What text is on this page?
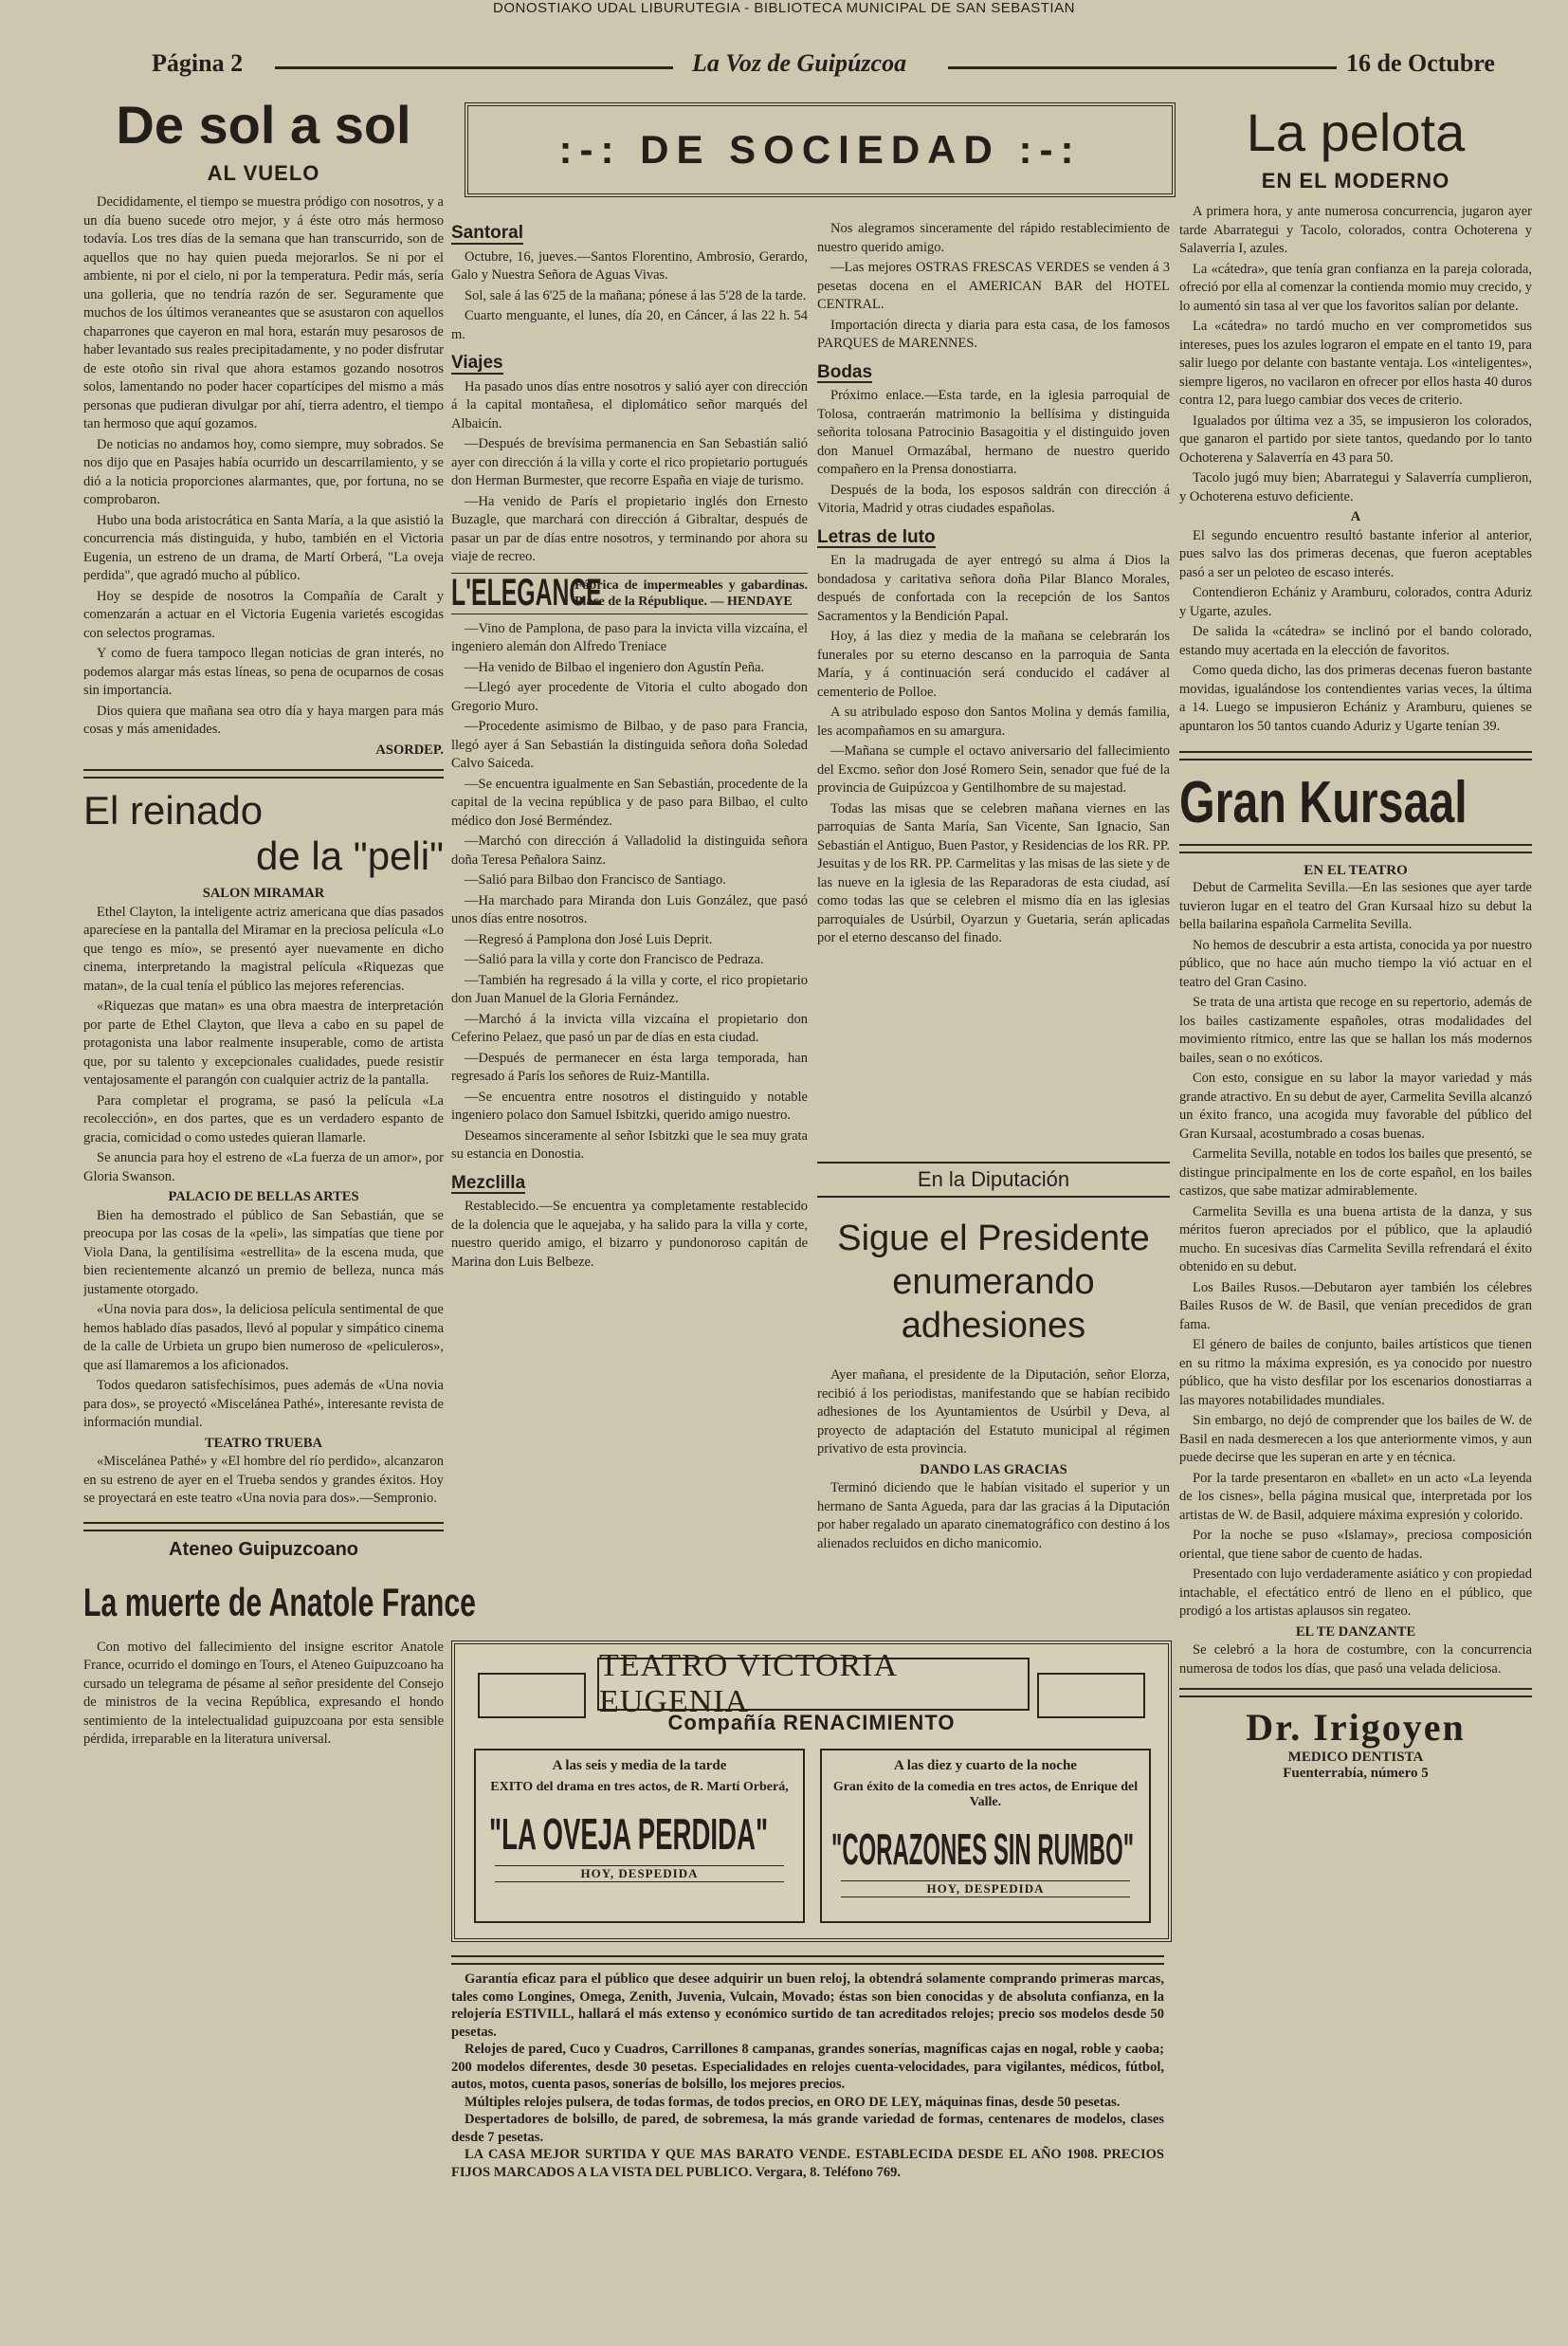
DONOSTIAKO UDAL LIBURUTEGIA - BIBLIOTECA MUNICIPAL DE SAN SEBASTIAN
Página 2	La Voz de Guipúzcoa	16 de Octubre
De sol a sol
AL VUELO

Decididamente, el tiempo se muestra pródigo con nosotros, y a un día bueno sucede otro mejor, y á éste otro más hermoso todavía. Los tres días de la semana que han transcurrido, son de aquellos que no hay quien pueda mejorarlos. Se ni por el ambiente, ni por el cielo, ni por la temperatura. Pedir más, sería una golleria, que no tendría razón de ser. Seguramente que muchos de los últimos veraneantes que se asustaron con aquellos chaparrones que cayeron en mal hora, estarán muy pesarosos de haber levantado sus reales precipitadamente, y no poder disfrutar de este otoño sin rival que ahora estamos gozando nosotros solos, lamentando no poder hacer copartícipes del mismo a más personas que pudieran divulgar por ahí, tierra adentro, el tiempo tan hermoso que aquí gozamos.

De noticias no andamos hoy, como siempre, muy sobrados. Se nos dijo que en Pasajes había ocurrido un descarrilamiento, y se dió a la noticia proporciones alarmantes, que, por fortuna, no se comprobaron.

Hubo una boda aristocrática en Santa María, a la que asistió la concurrencia más distinguida, y hubo, también en el Victoria Eugenia, un estreno de un drama, de Martí Orberá, "La oveja perdida", que agradó mucho al público.

Hoy se despide de nosotros la Compañía de Caralt y comenzarán a actuar en el Victoria Eugenia varietés escogidas con selectos programas.

Y como de fuera tampoco llegan noticias de gran interés, no podemos alargar más estas líneas, so pena de ocuparnos de cosas sin importancia.

Dios quiera que mañana sea otro día y haya margen para más cosas y más amenidades.

ASORDEP.
El reinado
de la "peli"
SALON MIRAMAR

Ethel Clayton, la inteligente actriz americana que días pasados aparecíese en la pantalla del Miramar en la preciosa película «Lo que tengo es mío», se presentó ayer nuevamente en dicho cinema, interpretando la magistral película «Riquezas que matan», de la cual tenía el público las mejores referencias.

«Riquezas que matan» es una obra maestra de interpretación por parte de Ethel Clayton, que lleva a cabo en su papel de protagonista una labor realmente insuperable, como de artista que, por su talento y excepcionales cualidades, puede resistir ventajosamente el parangón con cualquier actriz de la pantalla.

Para completar el programa, se pasó la película «La recolección», en dos partes, que es un verdadero espanto de gracia, comicidad o como ustedes quieran llamarle.

Se anuncia para hoy el estreno de «La fuerza de un amor», por Gloria Swanson.

PALACIO DE BELLAS ARTES

Bien ha demostrado el público de San Sebastián, que se preocupa por las cosas de la «peli», las simpatías que tiene por Viola Dana, la gentilísima «estrellita» de la escena muda, que bien recientemente alcanzó un premio de belleza, nunca más justamente otorgado.

«Una novia para dos», la deliciosa película sentimental de que hemos hablado días pasados, llevó al popular y simpático cinema de la calle de Urbieta un grupo bien numeroso de «peliculeros», que así llamaremos a los aficionados.

Todos quedaron satisfechísimos, pues además de «Una novia para dos», se proyectó «Miscelánea Pathé», interesante revista de información mundial.

TEATRO TRUEBA

«Miscelánea Pathé» y «El hombre del río perdido», alcanzaron en su estreno de ayer en el Trueba sendos y grandes éxitos. Hoy se proyectará en este teatro «Una novia para dos».—Sempronio.

Ateneo Guipuzcoano
La muerte de Anatole France

Con motivo del fallecimiento del insigne escritor Anatole France, ocurrido el domingo en Tours, el Ateneo Guipuzcoano ha cursado un telegrama de pésame al señor presidente del Consejo de ministros de la vecina República, expresando el hondo sentimiento de la intelectualidad guipuzcoana por esta sensible pérdida, irreparable en la literatura universal.

:-: DE SOCIEDAD :-:
Santoral

Octubre, 16, jueves.—Santos Florentino, Ambrosio, Gerardo, Galo y Nuestra Señora de Aguas Vivas.

Sol, sale á las 6'25 de la mañana; pónese á las 5'28 de la tarde.

Cuarto menguante, el lunes, día 20, en Cáncer, á las 22 h. 54 m.

Viajes

Ha pasado unos días entre nosotros y salió ayer con dirección á la capital montañesa, el diplomático señor marqués del Albaicín.

—Después de brevísima permanencia en San Sebastián salió ayer con dirección á la villa y corte el rico propietario portugués don Herman Burmester, que recorre España en viaje de turismo.

—Ha venido de París el propietario inglés don Ernesto Buzagle, que marchará con dirección á Gibraltar, después de pasar un par de días entre nosotros, y terminando por ahora su viaje de recreo.

L'ELEGANCE
Fábrica de impermeables y gabardinas. Place de la République. — HENDAYE

—Vino de Pamplona, de paso para la invicta villa vizcaína, el ingeniero alemán don Alfredo Treniace

—Ha venido de Bilbao el ingeniero don Agustín Peña.

—Llegó ayer procedente de Vitoria el culto abogado don Gregorio Muro.

—Procedente asimismo de Bilbao, y de paso para Francia, llegó ayer á San Sebastián la distinguida señora doña Soledad Calvo Saiceda.

—Se encuentra igualmente en San Sebastián, procedente de la capital de la vecina república y de paso para Bilbao, el culto médico don José Berméndez.

—Marchó con dirección á Valladolid la distinguida señora doña Teresa Peñalora Sainz.

—Salió para Bilbao don Francisco de Santiago.

—Ha marchado para Miranda don Luis González, que pasó unos días entre nosotros.

—Regresó á Pamplona don José Luis Deprit.

—Salió para la villa y corte don Francisco de Pedraza.

—También ha regresado á la villa y corte, el rico propietario don Juan Manuel de la Gloria Fernández.

—Marchó á la invicta villa vizcaína el propietario don Ceferino Pelaez, que pasó un par de días en esta ciudad.

—Después de permanecer en ésta larga temporada, han regresado á París los señores de Ruiz-Mantilla.

—Se encuentra entre nosotros el distinguido y notable ingeniero polaco don Samuel Isbitzki, querido amigo nuestro.

Deseamos sinceramente al señor Isbitzki que le sea muy grata su estancia en Donostia.

Mezclilla

Restablecido.—Se encuentra ya completamente restablecido de la dolencia que le aquejaba, y ha salido para la villa y corte, nuestro querido amigo, el bizarro y pundonoroso capitán de Marina don Luis Belbeze.

Nos alegramos sinceramente del rápido restablecimiento de nuestro querido amigo.

—Las mejores OSTRAS FRESCAS VERDES se venden á 3 pesetas docena en el AMERICAN BAR del HOTEL CENTRAL.

Importación directa y diaria para esta casa, de los famosos PARQUES de MARENNES.

Bodas

Próximo enlace.—Esta tarde, en la iglesia parroquial de Tolosa, contraerán matrimonio la bellísima y distinguida señorita tolosana Patrocinio Basagoitia y el distinguido joven don Manuel Ormazábal, hermano de nuestro querido compañero en la Prensa donostiarra.

Después de la boda, los esposos saldrán con dirección á Vitoria, Madrid y otras ciudades españolas.

Letras de luto

En la madrugada de ayer entregó su alma á Dios la bondadosa y caritativa señora doña Pilar Blanco Morales, después de confortada con la recepción de los Santos Sacramentos y la Bendición Papal.

Hoy, á las diez y media de la mañana se celebrarán los funerales por su eterno descanso en la parroquia de Santa María, y á continuación será conducido el cadáver al cementerio de Polloe.

A su atribulado esposo don Santos Molina y demás familia, les acompañamos en su amargura.

—Mañana se cumple el octavo aniversario del fallecimiento del Excmo. señor don José Romero Sein, senador que fué de la provincia de Guipúzcoa y Gentilhombre de su majestad.

Todas las misas que se celebren mañana viernes en las parroquias de Santa María, San Vicente, San Ignacio, San Sebastián el Antiguo, Buen Pastor, y Residencias de los RR. PP. Jesuitas y de los RR. PP. Carmelitas y las misas de las siete y de las nueve en la iglesia de las Reparadoras de esta ciudad, así como todas las que se celebren el mismo día en las iglesias parroquiales de Usúrbil, Oyarzun y Guetaria, serán aplicadas por el eterno descanso del finado.

En la Diputación
Sigue el Presidente enumerando adhesiones

Ayer mañana, el presidente de la Diputación, señor Elorza, recibió á los periodistas, manifestando que se habían recibido adhesiones de los Ayuntamientos de Usúrbil y Deva, al proyecto de adaptación del Estatuto municipal al régimen privativo de esta provincia.

DANDO LAS GRACIAS

Terminó diciendo que le habían visitado el superior y un hermano de Santa Agueda, para dar las gracias á la Diputación por haber regalado un aparato cinematográfico con destino á los alienados recluidos en dicho manicomio.

TEATRO VICTORIA EUGENIA
Compañía RENACIMIENTO
A las seis y media de la tarde
EXITO del drama en tres actos, de R. Martí Orberá,
"LA OVEJA PERDIDA"
HOY, DESPEDIDA
A las diez y cuarto de la noche
Gran éxito de la comedia en tres actos, de Enrique del Valle.
"CORAZONES SIN RUMBO"
HOY, DESPEDIDA

Garantía eficaz para el público que desee adquirir un buen reloj, la obtendrá solamente comprando primeras marcas, tales como Longines, Omega, Zenith, Juvenia, Vulcain, Movado; éstas son bien conocidas y de absoluta confianza, en la relojería ESTIVILL, hallará el más extenso y económico surtido de tan acreditados relojes; precio sos modelos desde 50 pesetas.

Relojes de pared, Cuco y Cuadros, Carrillones 8 campanas, grandes sonerías, magníficas cajas en nogal, roble y caoba; 200 modelos diferentes, desde 30 pesetas. Especialidades en relojes cuenta-velocidades, para vigilantes, médicos, fútbol, autos, motos, cuenta pasos, sonerías de bolsillo, los mejores precios.

Múltiples relojes pulsera, de todas formas, de todos precios, en ORO DE LEY, máquinas finas, desde 50 pesetas.

Despertadores de bolsillo, de pared, de sobremesa, la más grande variedad de formas, centenares de modelos, clases desde 7 pesetas.

LA CASA MEJOR SURTIDA Y QUE MAS BARATO VENDE. ESTABLECIDA DESDE EL AÑO 1908. PRECIOS FIJOS MARCADOS A LA VISTA DEL PUBLICO. Vergara, 8. Teléfono 769.

La pelota
EN EL MODERNO

A primera hora, y ante numerosa concurrencia, jugaron ayer tarde Abarrategui y Tacolo, colorados, contra Ochoterena y Salaverría I, azules.

La «cátedra», que tenía gran confianza en la pareja colorada, ofreció por ella al comenzar la contienda momio muy crecido, y lo aumentó sin tasa al ver que los favoritos salían por delante.

La «cátedra» no tardó mucho en ver comprometidos sus intereses, pues los azules lograron el empate en el tanto 19, para salir luego por delante con bastante ventaja. Los «inteligentes», siempre ligeros, no vacilaron en ofrecer por ellos hasta 40 duros contra 12, para luego cambiar dos veces de criterio.

Igualados por última vez a 35, se impusieron los colorados, que ganaron el partido por siete tantos, quedando por lo tanto Ochoterena y Salaverría en 43 para 50.

Tacolo jugó muy bien; Abarrategui y Salaverría cumplieron, y Ochoterena estuvo deficiente.

A

El segundo encuentro resultó bastante inferior al anterior, pues salvo las dos primeras decenas, que fueron aceptables pasó a ser un peloteo de escaso interés.

Contendieron Echániz y Aramburu, colorados, contra Aduriz y Ugarte, azules.

De salida la «cátedra» se inclinó por el bando colorado, estando muy acertada en la elección de favoritos.

Como queda dicho, las dos primeras decenas fueron bastante movidas, igualándose los contendientes varias veces, la última a 14. Luego se impusieron Echániz y Aramburu, quienes se apuntaron los 50 tantos cuando Aduriz y Ugarte tenían 39.

Gran Kursaal
EN EL TEATRO

Debut de Carmelita Sevilla.—En las sesiones que ayer tarde tuvieron lugar en el teatro del Gran Kursaal hizo su debut la bella bailarina española Carmelita Sevilla.

No hemos de descubrir a esta artista, conocida ya por nuestro público, que no hace aún mucho tiempo la vió actuar en el teatro del Gran Casino.

Se trata de una artista que recoge en su repertorio, además de los bailes castizamente españoles, otras modalidades del movimiento rítmico, entre las que se hallan los más modernos bailes, sean o no exóticos.

Con esto, consigue en su labor la mayor variedad y más grande atractivo. En su debut de ayer, Carmelita Sevilla alcanzó un éxito franco, una acogida muy favorable del público del Gran Kursaal, acostumbrado a cosas buenas.

Carmelita Sevilla, notable en todos los bailes que presentó, se distingue principalmente en los de corte español, en los bailes castizos, que sabe matizar admirablemente.

Carmelita Sevilla es una buena artista de la danza, y sus méritos fueron apreciados por el público, que la aplaudió mucho. En sucesivas días Carmelita Sevilla refrendará el éxito obtenido en su debut.

Los Bailes Rusos.—Debutaron ayer también los célebres Bailes Rusos de W. de Basil, que venían precedidos de gran fama.

El género de bailes de conjunto, bailes artísticos que tienen en su ritmo la máxima expresión, es ya conocido por nuestro público, que ha visto desfilar por los escenarios donostiarras a las mayores notabilidades mundiales.

Sin embargo, no dejó de comprender que los bailes de W. de Basil en nada desmerecen a los que anteriormente vimos, y aun puede decirse que les superan en arte y en técnica.

Por la tarde presentaron en «ballet» en un acto «La leyenda de los cisnes», bella página musical que, interpretada por los artistas de W. de Basil, adquiere máxima expresión y colorido.

Por la noche se puso «Islamay», preciosa composición oriental, que tiene sabor de cuento de hadas.

Presentado con lujo verdaderamente asiático y con propiedad intachable, el efectático entró de lleno en el público, que prodigó a los artistas aplausos sin regateo.

EL TE DANZANTE

Se celebró a la hora de costumbre, con la concurrencia numerosa de todos los días, que pasó una velada deliciosa.

Dr. Irigoyen
MEDICO DENTISTA
Fuenterrabía, número 5
